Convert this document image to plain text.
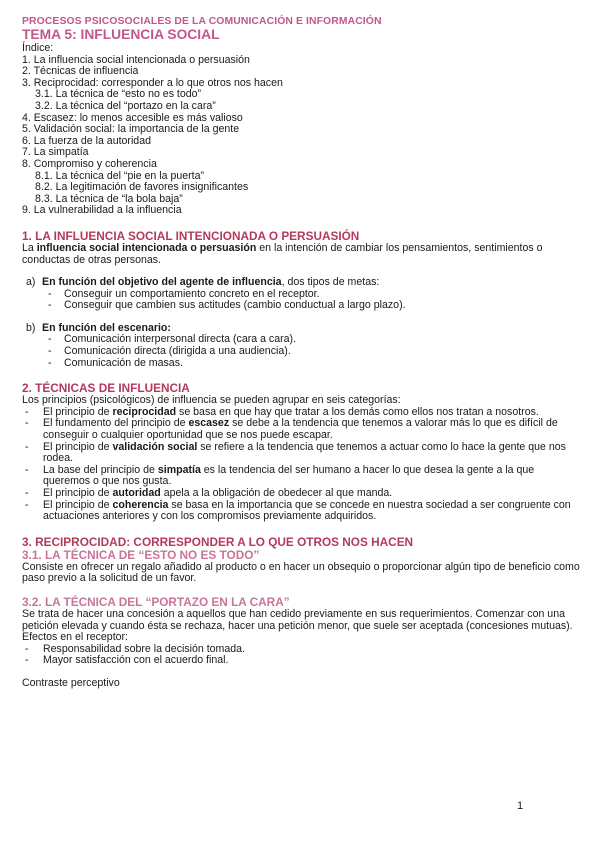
PROCESOS PSICOSOCIALES DE LA COMUNICACIÓN E INFORMACIÓN
TEMA 5: INFLUENCIA SOCIAL
Índice:
1. La influencia social intencionada o persuasión
2. Técnicas de influencia
3. Reciprocidad: corresponder a lo que otros nos hacen
3.1. La técnica de “esto no es todo”
3.2. La técnica del “portazo en la cara”
4. Escasez: lo menos accesible es más valioso
5. Validación social: la importancia de la gente
6. La fuerza de la autoridad
7. La simpatía
8. Compromiso y coherencia
8.1. La técnica del “pie en la puerta”
8.2. La legitimación de favores insignificantes
8.3. La técnica de “la bola baja”
9. La vulnerabilidad a la influencia
1. LA INFLUENCIA SOCIAL INTENCIONADA O PERSUASIÓN

La influencia social intencionada o persuasión en la intención de cambiar los pensamientos, sentimientos o conductas de otras personas.

a) En función del objetivo del agente de influencia, dos tipos de metas:
- Conseguir un comportamiento concreto en el receptor.
- Conseguir que cambien sus actitudes (cambio conductual a largo plazo).
b) En función del escenario:
- Comunicación interpersonal directa (cara a cara).
- Comunicación directa (dirigida a una audiencia).
- Comunicación de masas.
2. TÉCNICAS DE INFLUENCIA

Los principios (psicológicos) de influencia se pueden agrupar en seis categorías:

- El principio de reciprocidad se basa en que hay que tratar a los demás como ellos nos tratan a nosotros.
- El fundamento del principio de escasez se debe a la tendencia que tenemos a valorar más lo que es difícil de conseguir o cualquier oportunidad que se nos puede escapar.
- El principio de validación social se refiere a la tendencia que tenemos a actuar como lo hace la gente que nos rodea.
- La base del principio de simpatía es la tendencia del ser humano a hacer lo que desea la gente a la que queremos o que nos gusta.
- El principio de autoridad apela a la obligación de obedecer al que manda.
- El principio de coherencia se basa en la importancia que se concede en nuestra sociedad a ser congruente con actuaciones anteriores y con los compromisos previamente adquiridos.
3. RECIPROCIDAD: CORRESPONDER A LO QUE OTROS NOS HACEN
3.1. LA TÉCNICA DE “ESTO NO ES TODO”

Consiste en ofrecer un regalo añadido al producto o en hacer un obsequio o proporcionar algún tipo de beneficio como paso previo a la solicitud de un favor.

3.2. LA TÉCNICA DEL “PORTAZO EN LA CARA”

Se trata de hacer una concesión a aquellos que han cedido previamente en sus requerimientos. Comenzar con una petición elevada y cuando ésta se rechaza, hacer una petición menor, que suele ser aceptada (concesiones mutuas).

Efectos en el receptor:

- Responsabilidad sobre la decisión tomada.
- Mayor satisfacción con el acuerdo final.

Contraste perceptivo

1
